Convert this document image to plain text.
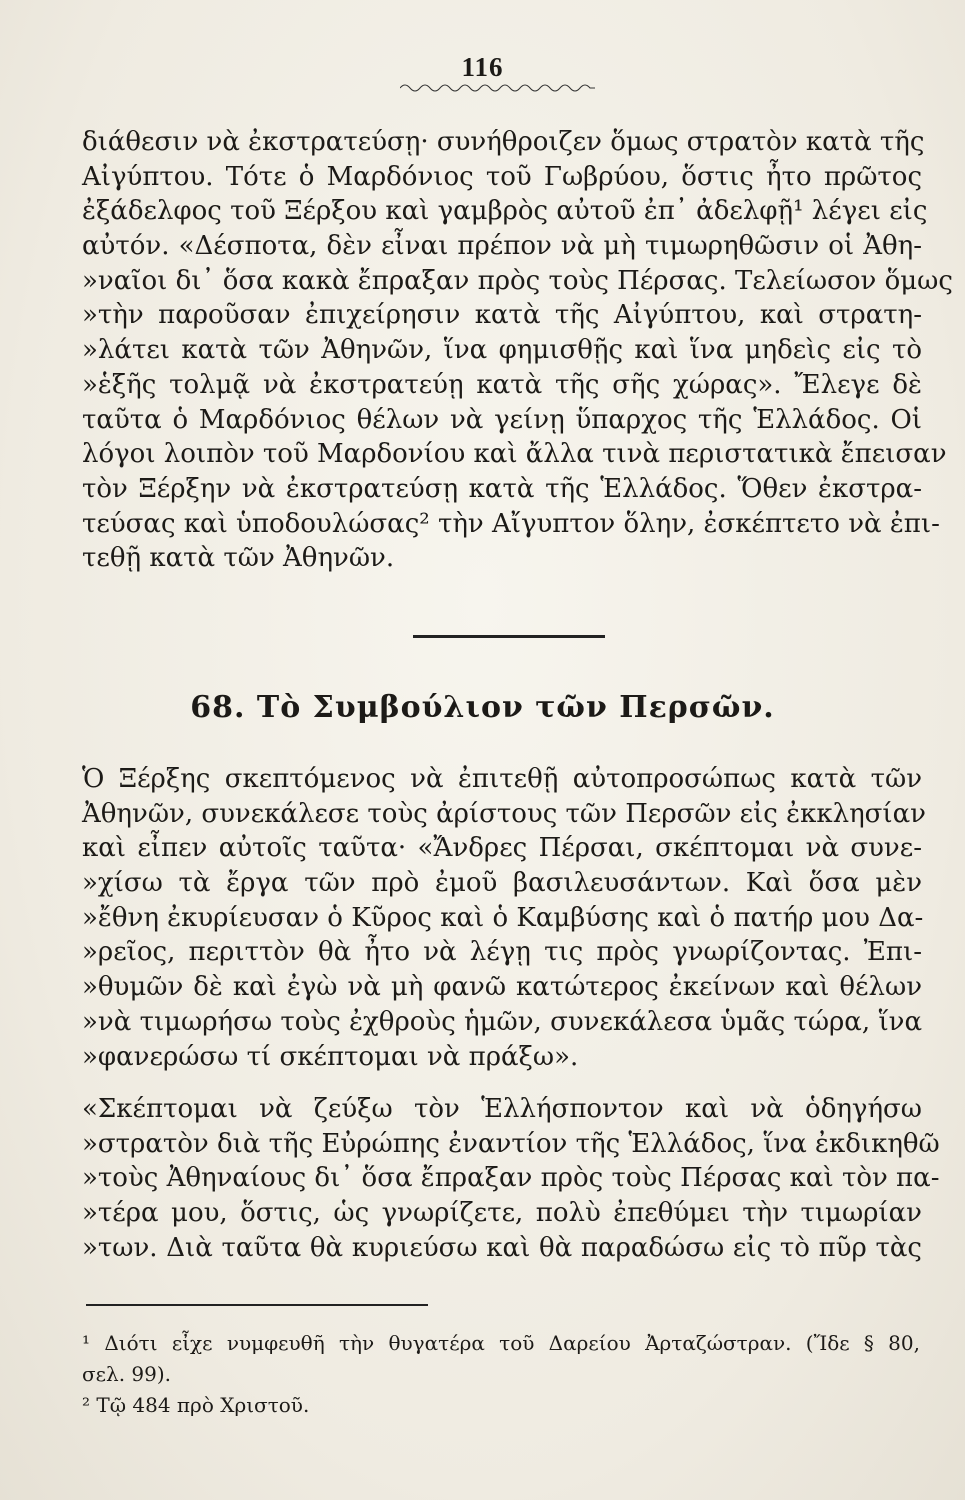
116
διάθεσιν νὰ ἐκστρατεύσῃ· συνήθροιζεν ὅμως στρατὸν κατὰ τῆς
Αἰγύπτου. Τότε ὁ Μαρδόνιος τοῦ Γωβρύου, ὅστις ἦτο πρῶτος
ἐξάδελφος τοῦ Ξέρξου καὶ γαμβρὸς αὐτοῦ ἐπ᾽ ἀδελφῇ¹ λέγει εἰς
αὐτόν. «Δέσποτα, δὲν εἶναι πρέπον νὰ μὴ τιμωρηθῶσιν οἱ Ἀθη-
»ναῖοι δι᾽ ὅσα κακὰ ἔπραξαν πρὸς τοὺς Πέρσας. Τελείωσον ὅμως
»τὴν παροῦσαν ἐπιχείρησιν κατὰ τῆς Αἰγύπτου, καὶ στρατη-
»λάτει κατὰ τῶν Ἀθηνῶν, ἵνα φημισθῇς καὶ ἵνα μηδεὶς εἰς τὸ
»ἑξῆς τολμᾷ νὰ ἐκστρατεύῃ κατὰ τῆς σῆς χώρας». Ἔλεγε δὲ
ταῦτα ὁ Μαρδόνιος θέλων νὰ γείνῃ ὕπαρχος τῆς Ἑλλάδος. Οἱ
λόγοι λοιπὸν τοῦ Μαρδονίου καὶ ἄλλα τινὰ περιστατικὰ ἔπεισαν
τὸν Ξέρξην νὰ ἐκστρατεύσῃ κατὰ τῆς Ἑλλάδος. Ὅθεν ἐκστρα-
τεύσας καὶ ὑποδουλώσας² τὴν Αἴγυπτον ὅλην, ἐσκέπτετο νὰ ἐπι-
τεθῇ κατὰ τῶν Ἀθηνῶν.
68. Τὸ Συμβούλιον τῶν Περσῶν.
Ὁ Ξέρξης σκεπτόμενος νὰ ἐπιτεθῇ αὐτοπροσώπως κατὰ τῶν
Ἀθηνῶν, συνεκάλεσε τοὺς ἀρίστους τῶν Περσῶν εἰς ἐκκλησίαν
καὶ εἶπεν αὐτοῖς ταῦτα· «Ἄνδρες Πέρσαι, σκέπτομαι νὰ συνε-
»χίσω τὰ ἔργα τῶν πρὸ ἐμοῦ βασιλευσάντων. Καὶ ὅσα μὲν
»ἔθνη ἐκυρίευσαν ὁ Κῦρος καὶ ὁ Καμβύσης καὶ ὁ πατήρ μου Δα-
»ρεῖος, περιττὸν θὰ ἦτο νὰ λέγῃ τις πρὸς γνωρίζοντας. Ἐπι-
»θυμῶν δὲ καὶ ἐγὼ νὰ μὴ φανῶ κατώτερος ἐκείνων καὶ θέλων
»νὰ τιμωρήσω τοὺς ἐχθροὺς ἡμῶν, συνεκάλεσα ὑμᾶς τώρα, ἵνα
»φανερώσω τί σκέπτομαι νὰ πράξω».
«Σκέπτομαι νὰ ζεύξω τὸν Ἑλλήσποντον καὶ νὰ ὁδηγήσω
»στρατὸν διὰ τῆς Εὐρώπης ἐναντίον τῆς Ἑλλάδος, ἵνα ἐκδικηθῶ
»τοὺς Ἀθηναίους δι᾽ ὅσα ἔπραξαν πρὸς τοὺς Πέρσας καὶ τὸν πα-
»τέρα μου, ὅστις, ὡς γνωρίζετε, πολὺ ἐπεθύμει τὴν τιμωρίαν
»των. Διὰ ταῦτα θὰ κυριεύσω καὶ θὰ παραδώσω εἰς τὸ πῦρ τὰς
¹ Διότι εἶχε νυμφευθῆ τὴν θυγατέρα τοῦ Δαρείου Ἀρταζώστραν. (Ἴδε § 80,
σελ. 99).
² Τῷ 484 πρὸ Χριστοῦ.
